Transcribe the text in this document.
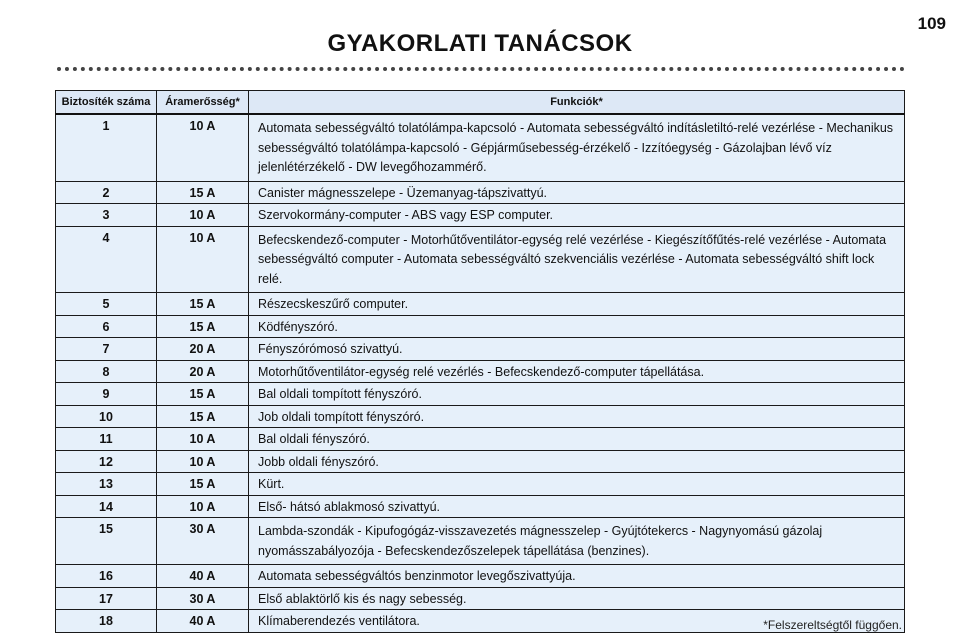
109
GYAKORLATI TANÁCSOK
Biztosíték száma	Áramerősség*	Funkciók*
1	10 A	Automata sebességváltó tolatólámpa-kapcsoló - Automata sebességváltó indításletiltó-relé vezérlése - Mechanikus sebességváltó tolatólámpa-kapcsoló - Gépjárműsebesség-érzékelő - Izzítóegység - Gázolajban lévő víz jelenlétérzékelő - DW levegőhozammérő.
2	15 A	Canister mágnesszelepe - Üzemanyag-tápszivattyú.
3	10 A	Szervokormány-computer - ABS vagy ESP computer.
4	10 A	Befecskendező-computer - Motorhűtőventilátor-egység relé vezérlése - Kiegészítőfűtés-relé vezérlése - Automata sebességváltó computer - Automata sebességváltó szekvenciális vezérlése - Automata sebességváltó shift lock relé.
5	15 A	Részecskeszűrő computer.
6	15 A	Ködfényszóró.
7	20 A	Fényszórómosó szivattyú.
8	20 A	Motorhűtőventilátor-egység relé vezérlés - Befecskendező-computer tápellátása.
9	15 A	Bal oldali tompított fényszóró.
10	15 A	Job oldali tompított fényszóró.
11	10 A	Bal oldali fényszóró.
12	10 A	Jobb oldali fényszóró.
13	15 A	Kürt.
14	10 A	Első- hátsó ablakmosó szivattyú.
15	30 A	Lambda-szondák - Kipufogógáz-visszavezetés mágnesszelep - Gyújtótekercs - Nagynyomású gázolaj nyomásszabályozója - Befecskendezőszelepek tápellátása (benzines).
16	40 A	Automata sebességváltós benzinmotor levegőszivattyúja.
17	30 A	Első ablaktörlő kis és nagy sebesség.
18	40 A	Klímaberendezés ventilátora.	*Felszereltségtől függően.
